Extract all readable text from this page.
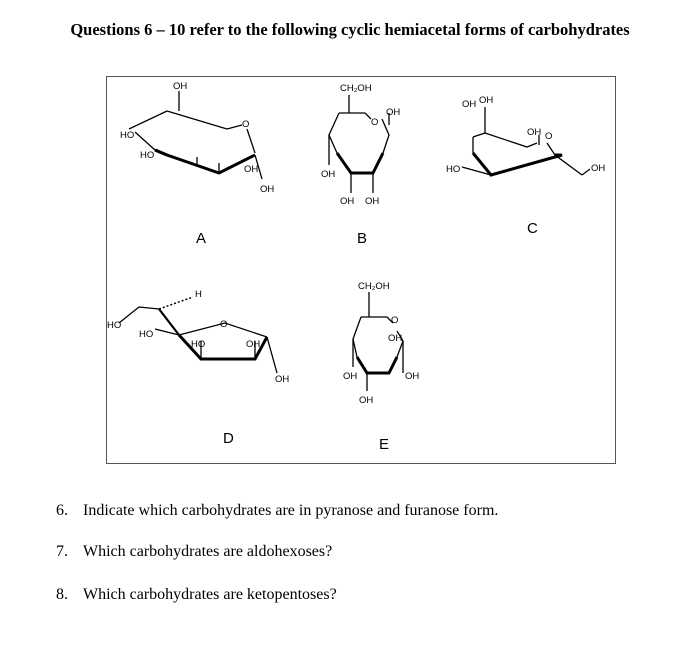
Questions 6 – 10 refer to the following cyclic hemiacetal forms of carbohydrates
OH
HO
HO
O
OH
OH
A
CH₂OH
O
OH
OH
OH OH
B
OH OH
OH O
HO	OH
C
H
HO
HO
O
HO	OH
OH
D
CH₂OH
O
OH
OH	OH
OH
E
6. Indicate which carbohydrates are in pyranose and furanose form.
7. Which carbohydrates are aldohexoses?
8. Which carbohydrates are ketopentoses?
